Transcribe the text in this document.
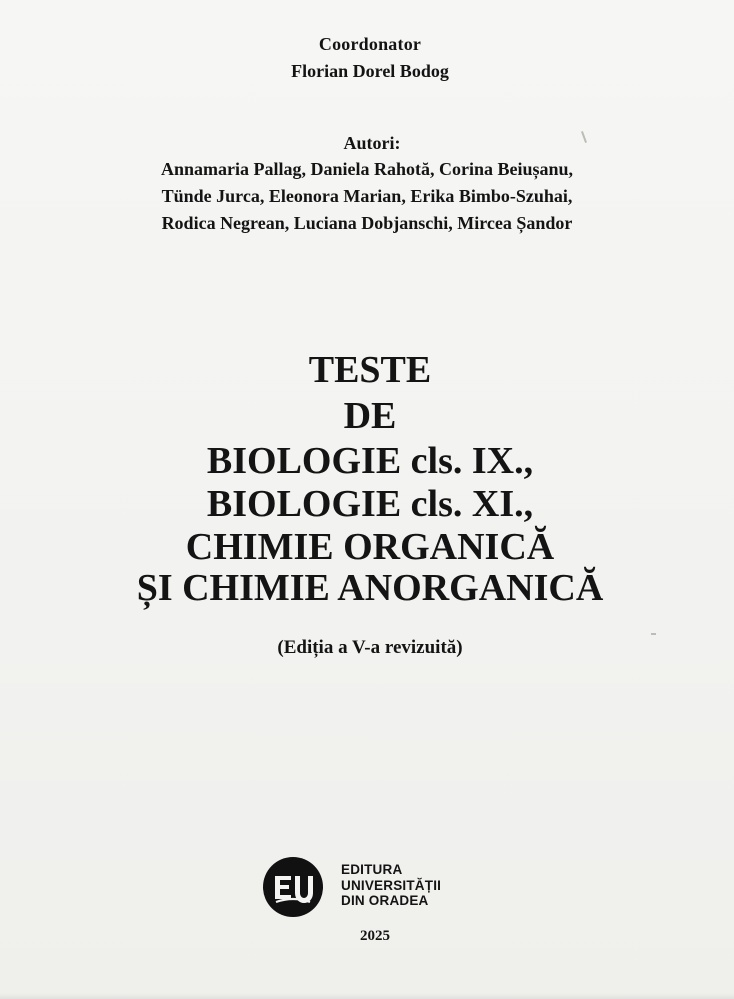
Coordonator
Florian Dorel Bodog
Autori:
Annamaria Pallag, Daniela Rahotă, Corina Beiușanu,
Tünde Jurca, Eleonora Marian, Erika Bimbo-Szuhai,
Rodica Negrean, Luciana Dobjanschi, Mircea Șandor
TESTE
DE
BIOLOGIE cls. IX.,
BIOLOGIE cls. XI.,
CHIMIE ORGANICĂ
ȘI CHIMIE ANORGANICĂ
(Ediția a V-a revizuită)
EDITURA
UNIVERSITĂȚII
DIN ORADEA
2025
